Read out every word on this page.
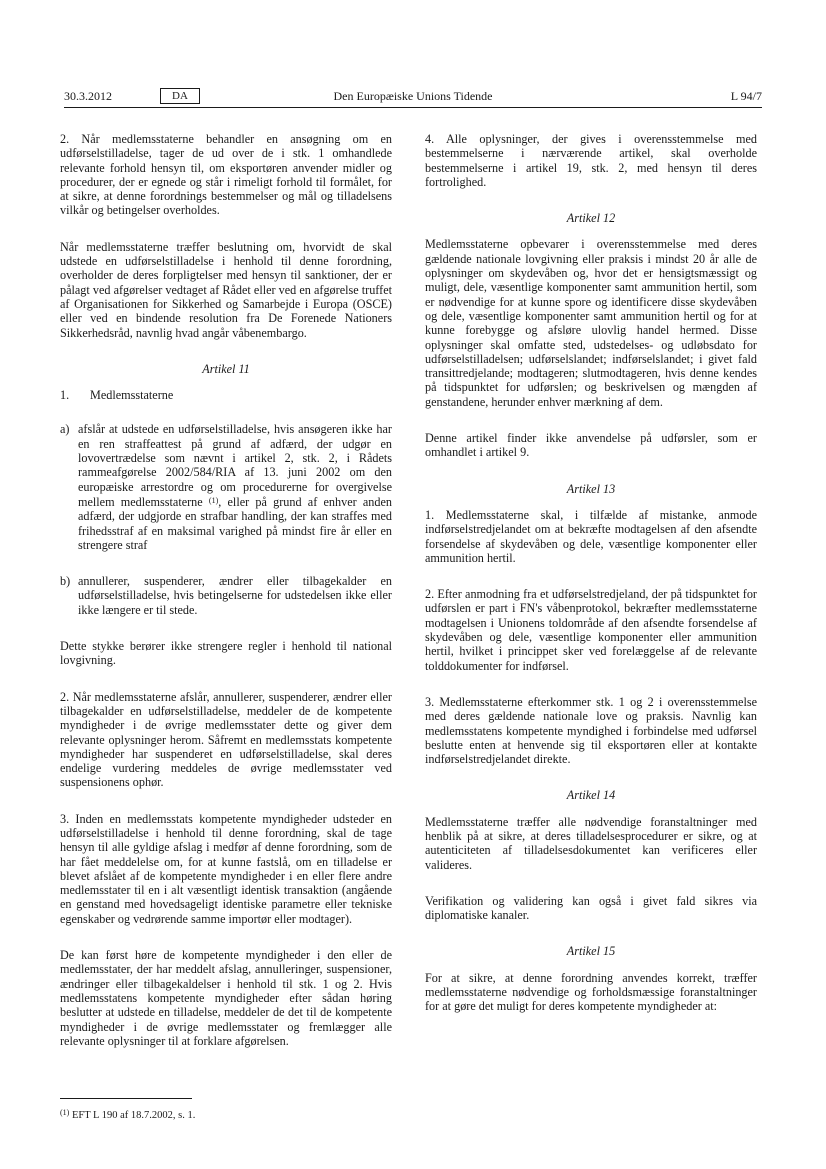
Den Europæiske Unions Tidende
30.3.2012	DA	L 94/7

2. Når medlemsstaterne behandler en ansøgning om en udførselstilladelse, tager de ud over de i stk. 1 omhandlede relevante forhold hensyn til, om eksportøren anvender midler og procedurer, der er egnede og står i rimeligt forhold til formålet, for at sikre, at denne forordnings bestemmelser og mål og tilladelsens vilkår og betingelser overholdes.

Når medlemsstaterne træffer beslutning om, hvorvidt de skal udstede en udførselstilladelse i henhold til denne forordning, overholder de deres forpligtelser med hensyn til sanktioner, der er pålagt ved afgørelser vedtaget af Rådet eller ved en afgørelse truffet af Organisationen for Sikkerhed og Samarbejde i Europa (OSCE) eller ved en bindende resolution fra De Forenede Nationers Sikkerhedsråd, navnlig hvad angår våbenembargo.

Artikel 11

1.	Medlemsstaterne
a) afslår at udstede en udførselstilladelse, hvis ansøgeren ikke har en ren straffeattest på grund af adfærd, der udgør en lovovertrædelse som nævnt i artikel 2, stk. 2, i Rådets rammeafgørelse 2002/584/RIA af 13. juni 2002 om den europæiske arrestordre og om procedurerne for overgivelse mellem medlemsstaterne $^{(1)}$, eller på grund af enhver anden adfærd, der udgjorde en strafbar handling, der kan straffes med frihedsstraf af en maksimal varighed på mindst fire år eller en strengere straf
b) annullerer, suspenderer, ændrer eller tilbagekalder en udførselstilladelse, hvis betingelserne for udstedelsen ikke eller ikke længere er til stede.

Dette stykke berører ikke strengere regler i henhold til national lovgivning.

2. Når medlemsstaterne afslår, annullerer, suspenderer, ændrer eller tilbagekalder en udførselstilladelse, meddeler de de kompetente myndigheder i de øvrige medlemsstater dette og giver dem relevante oplysninger herom. Såfremt en medlemsstats kompetente myndigheder har suspenderet en udførselstilladelse, skal deres endelige vurdering meddeles de øvrige medlemsstater ved suspensionens ophør.

3. Inden en medlemsstats kompetente myndigheder udsteder en udførselstilladelse i henhold til denne forordning, skal de tage hensyn til alle gyldige afslag i medfør af denne forordning, som de har fået meddelelse om, for at kunne fastslå, om en tilladelse er blevet afslået af de kompetente myndigheder i en eller flere andre medlemsstater til en i alt væsentligt identisk transaktion (angående en genstand med hovedsageligt identiske parametre eller tekniske egenskaber og vedrørende samme importør eller modtager).

De kan først høre de kompetente myndigheder i den eller de medlemsstater, der har meddelt afslag, annulleringer, suspensioner, ændringer eller tilbagekaldelser i henhold til stk. 1 og 2. Hvis medlemsstatens kompetente myndigheder efter sådan høring beslutter at udstede en tilladelse, meddeler de det til de kompetente myndigheder i de øvrige medlemsstater og fremlægger alle relevante oplysninger til at forklare afgørelsen.

4. Alle oplysninger, der gives i overensstemmelse med bestemmelserne i nærværende artikel, skal overholde bestemmelserne i artikel 19, stk. 2, med hensyn til deres fortrolighed.

Artikel 12

Medlemsstaterne opbevarer i overensstemmelse med deres gældende nationale lovgivning eller praksis i mindst 20 år alle de oplysninger om skydevåben og, hvor det er hensigtsmæssigt og muligt, dele, væsentlige komponenter samt ammunition hertil, som er nødvendige for at kunne spore og identificere disse skydevåben og dele, væsentlige komponenter samt ammunition hertil og for at kunne forebygge og afsløre ulovlig handel hermed. Disse oplysninger skal omfatte sted, udstedelses- og udløbsdato for udførselstilladelsen; udførselslandet; indførselslandet; i givet fald transittredjelande; modtageren; slutmodtageren, hvis denne kendes på tidspunktet for udførslen; og beskrivelsen og mængden af genstandene, herunder enhver mærkning af dem.

Denne artikel finder ikke anvendelse på udførsler, som er omhandlet i artikel 9.

Artikel 13

1. Medlemsstaterne skal, i tilfælde af mistanke, anmode indførselstredjelandet om at bekræfte modtagelsen af den afsendte forsendelse af skydevåben og dele, væsentlige komponenter eller ammunition hertil.

2. Efter anmodning fra et udførselstredjeland, der på tidspunktet for udførslen er part i FN's våbenprotokol, bekræfter medlemsstaterne modtagelsen i Unionens toldområde af den afsendte forsendelse af skydevåben og dele, væsentlige komponenter eller ammunition hertil, hvilket i princippet sker ved forelæggelse af de relevante tolddokumenter for indførsel.

3. Medlemsstaterne efterkommer stk. 1 og 2 i overensstemmelse med deres gældende nationale love og praksis. Navnlig kan medlemsstatens kompetente myndighed i forbindelse med udførsel beslutte enten at henvende sig til eksportøren eller at kontakte indførselstredjelandet direkte.

Artikel 14

Medlemsstaterne træffer alle nødvendige foranstaltninger med henblik på at sikre, at deres tilladelsesprocedurer er sikre, og at autenticiteten af tilladelsesdokumentet kan verificeres eller valideres.

Verifikation og validering kan også i givet fald sikres via diplomatiske kanaler.

Artikel 15

For at sikre, at denne forordning anvendes korrekt, træffer medlemsstaterne nødvendige og forholdsmæssige foranstaltninger for at gøre det muligt for deres kompetente myndigheder at:

$^{(1)}$ EFT L 190 af 18.7.2002, s. 1.
